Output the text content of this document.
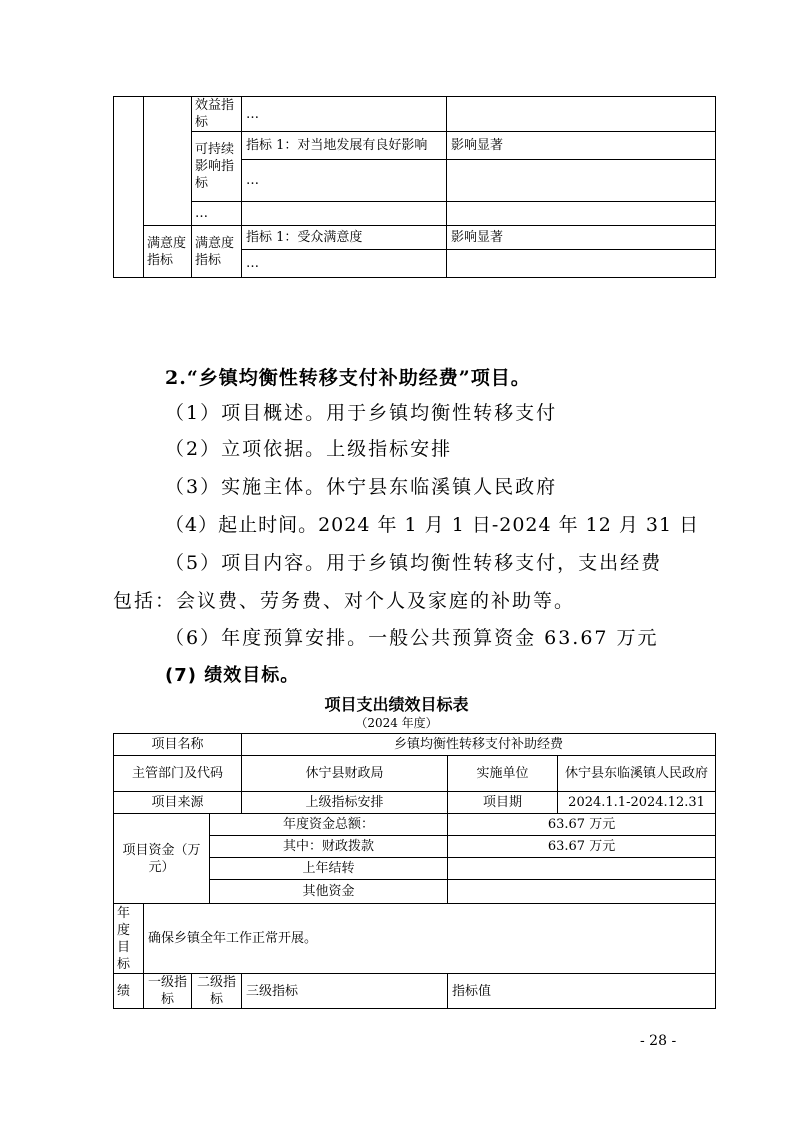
		效益指标	…	
		可持续影响指标	指标 1：对当地发展有良好影响	影响显著
			…	
		…		
	满意度指标	满意度指标	指标 1：受众满意度	影响显著
			…	
2.“乡镇均衡性转移支付补助经费”项目。
（1）项目概述。用于乡镇均衡性转移支付
（2）立项依据。上级指标安排
（3）实施主体。休宁县东临溪镇人民政府
（4）起止时间。2024 年 1 月 1 日-2024 年 12 月 31 日
（5）项目内容。用于乡镇均衡性转移支付，支出经费
包括：会议费、劳务费、对个人及家庭的补助等。
（6）年度预算安排。一般公共预算资金 63.67 万元
(7) 绩效目标。
项目支出绩效目标表
（2024 年度）
项目名称				乡镇均衡性转移支付补助经费		
主管部门及代码				休宁县财政局	实施单位	休宁县东临溪镇人民政府
项目来源				上级指标安排	项目期	2024.1.1-2024.12.31
项目资金（万元）			年度资金总额：		63.67 万元	
			其中：财政拨款		63.67 万元	
			上年结转			
			其他资金			
年度目标	确保乡镇全年工作正常开展。					
绩	一级指标	二级指标		三级指标	指标值	
- 28 -
